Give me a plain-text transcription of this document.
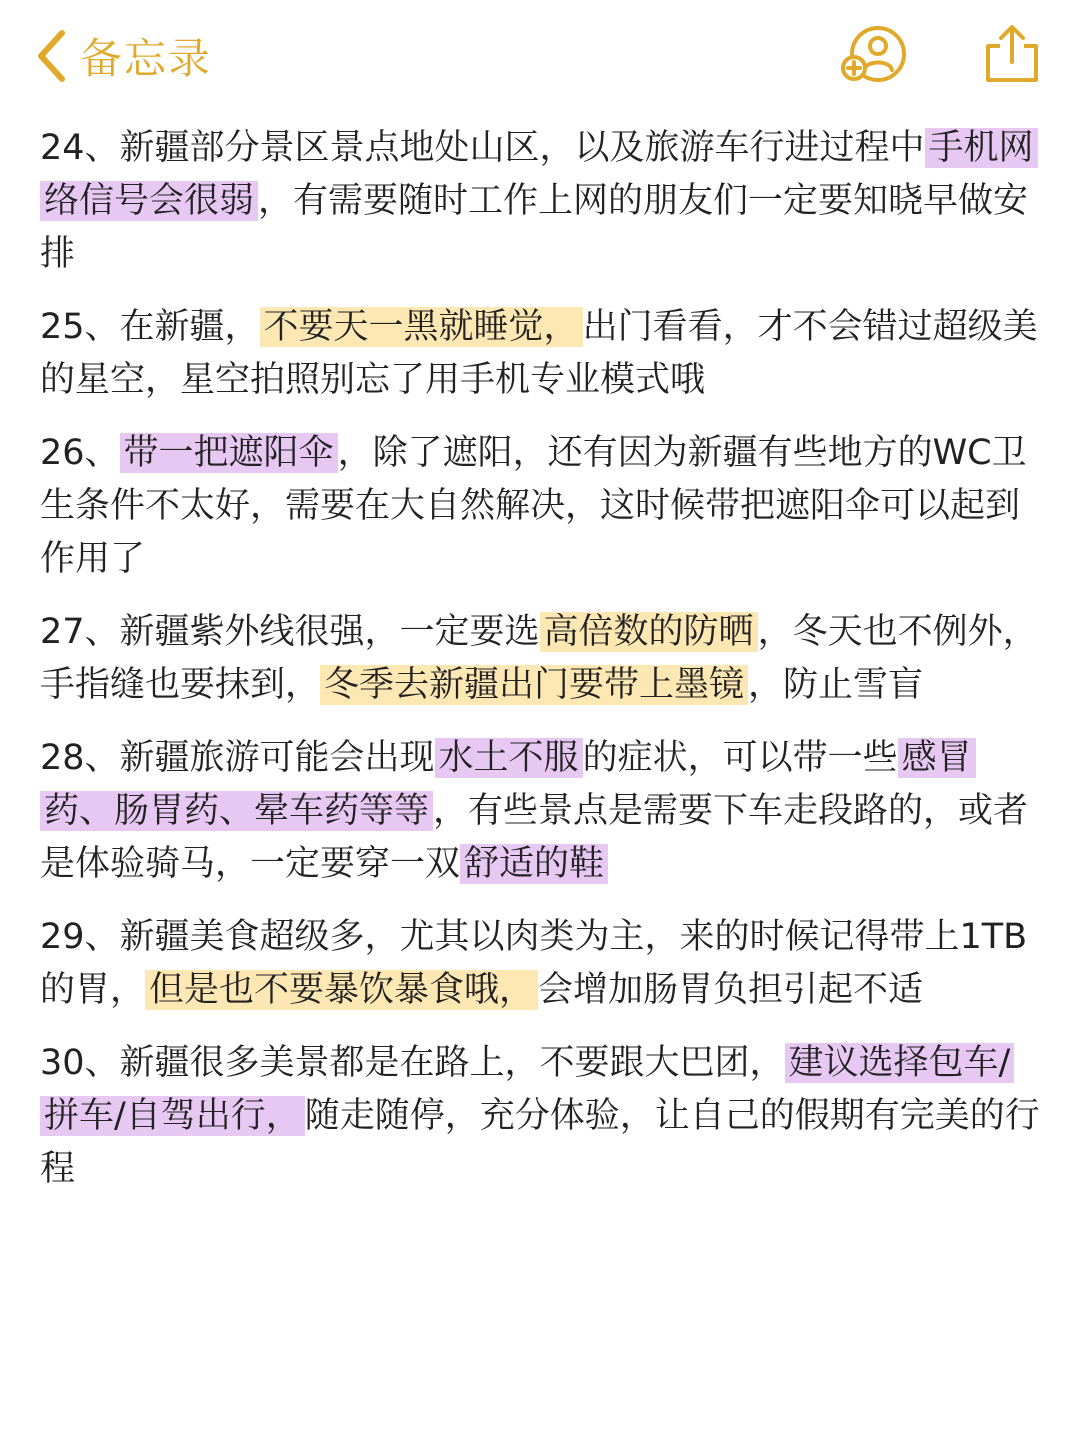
备忘录

24、新疆部分景区景点地处山区，以及旅游车行进过程中 手机网络信号会很弱 ，有需要随时工作上网的朋友们一定要知晓早做安排

25、在新疆， 不要天一黑就睡觉， 出门看看，才不会错过超级美的星空，星空拍照别忘了用手机专业模式哦

26、 带一把遮阳伞 ，除了遮阳，还有因为新疆有些地方的WC卫生条件不太好，需要在大自然解决，这时候带把遮阳伞可以起到作用了

27、新疆紫外线很强，一定要选 高倍数的防晒 ，冬天也不例外，手指缝也要抹到， 冬季去新疆出门要带上墨镜 ，防止雪盲

28、新疆旅游可能会出现 水土不服 的症状，可以带一些 感冒药、肠胃药、晕车药等等 ，有些景点是需要下车走段路的，或者是体验骑马，一定要穿一双 舒适的鞋

29、新疆美食超级多，尤其以肉类为主，来的时候记得带上1TB的胃， 但是也不要暴饮暴食哦， 会增加肠胃负担引起不适

30、新疆很多美景都是在路上，不要跟大巴团， 建议选择包车/拼车/自驾出行， 随走随停，充分体验，让自己的假期有完美的行程
